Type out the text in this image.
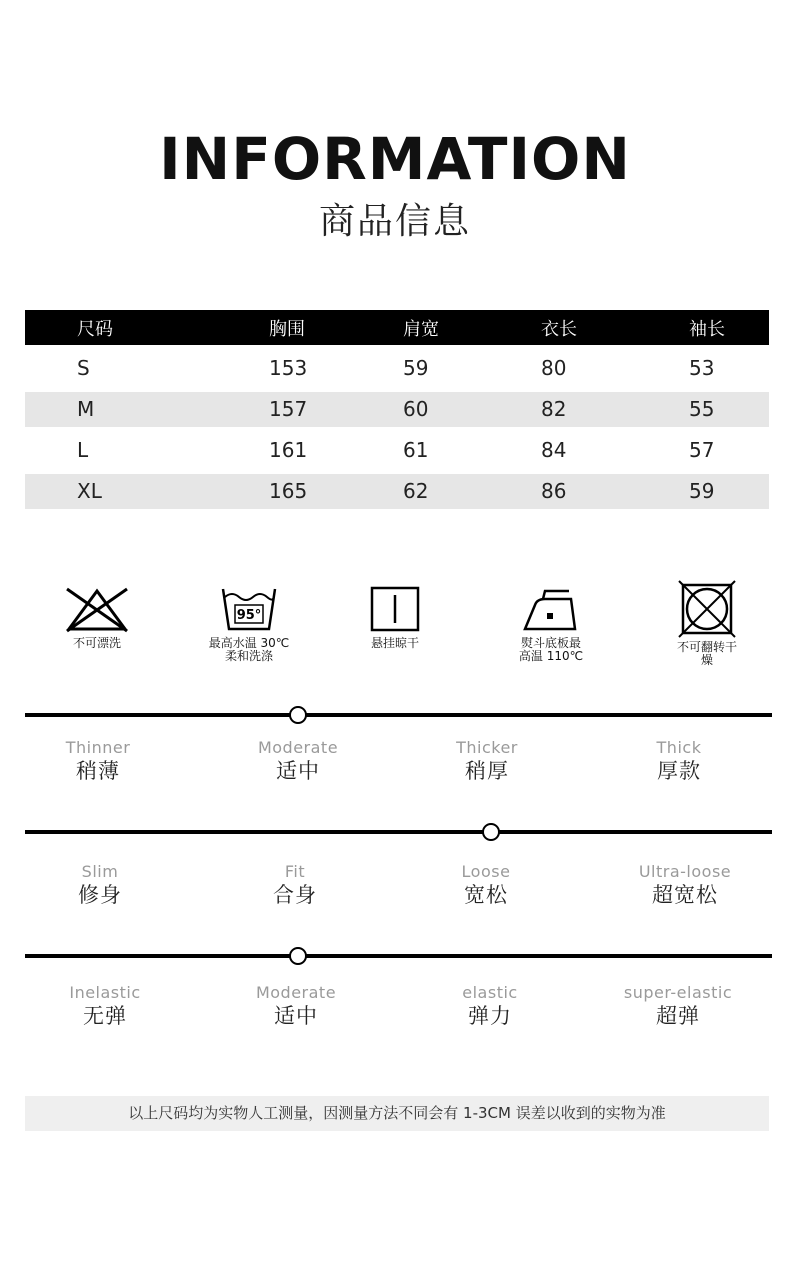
INFORMATION
商品信息
尺码	胸围	肩宽	衣长	袖长
S	153	59	80	53
M	157	60	82	55
L	161	61	84	57
XL	165	62	86	59
不可漂洗
95°
最高水温 30℃
柔和洗涤
悬挂晾干	熨斗底板最
高温 110℃
不可翻转干
燥
Thinner
稍薄
Moderate
适中
Thicker
稍厚
Thick
厚款
Slim
修身
Fit
合身
Loose
宽松
Ultra-loose
超宽松
Inelastic
无弹
Moderate
适中
elastic
弹力
super-elastic
超弹
以上尺码均为实物人工测量，因测量方法不同会有 1-3CM 误差以收到的实物为准
